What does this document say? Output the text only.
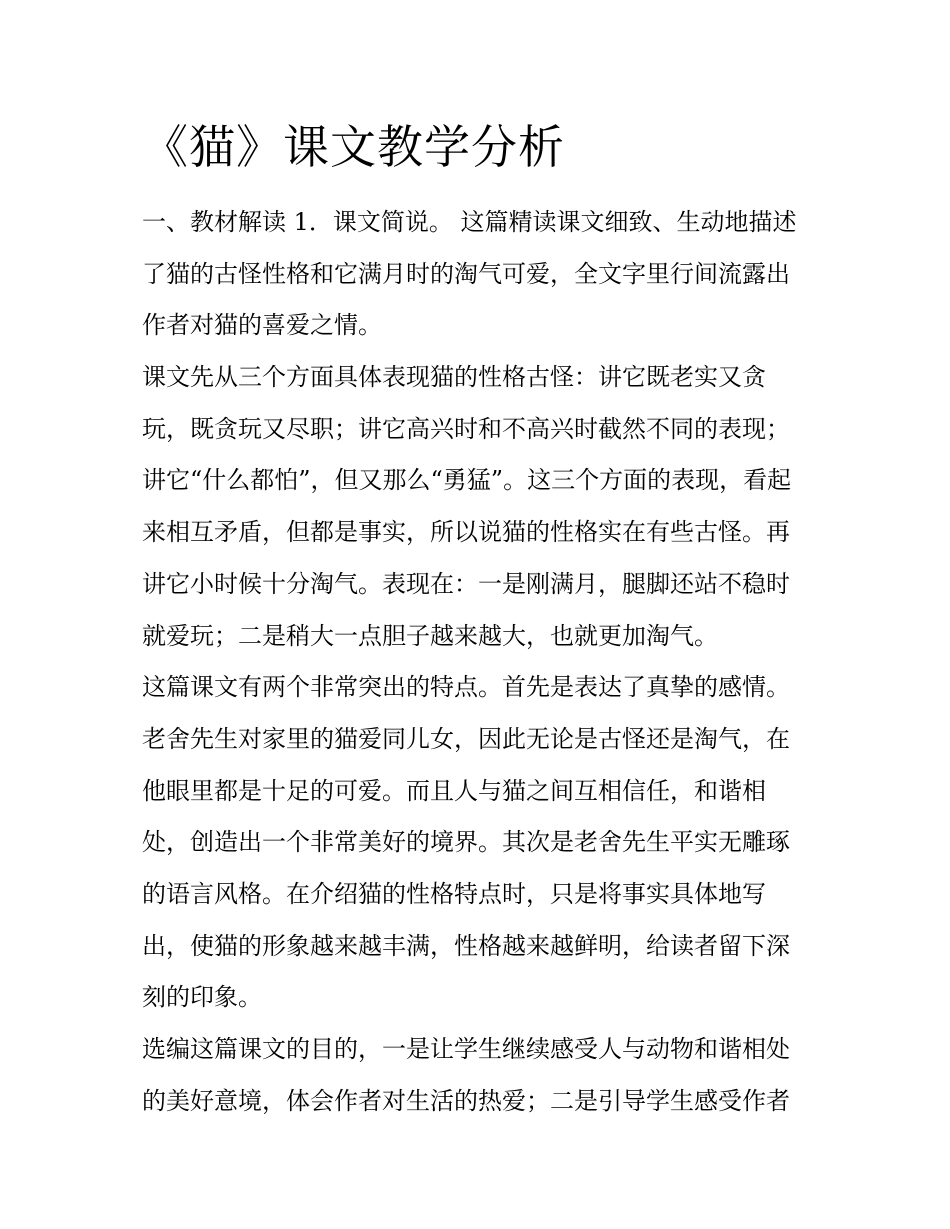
《猫》课文教学分析
一、教材解读 1．课文简说。 这篇精读课文细致、生动地描述
了猫的古怪性格和它满月时的淘气可爱，全文字里行间流露出
作者对猫的喜爱之情。
课文先从三个方面具体表现猫的性格古怪：讲它既老实又贪
玩，既贪玩又尽职；讲它高兴时和不高兴时截然不同的表现；
讲它“什么都怕”，但又那么“勇猛”。这三个方面的表现，看起
来相互矛盾，但都是事实，所以说猫的性格实在有些古怪。再
讲它小时候十分淘气。表现在：一是刚满月，腿脚还站不稳时
就爱玩；二是稍大一点胆子越来越大，也就更加淘气。
这篇课文有两个非常突出的特点。首先是表达了真挚的感情。
老舍先生对家里的猫爱同儿女，因此无论是古怪还是淘气，在
他眼里都是十足的可爱。而且人与猫之间互相信任，和谐相
处，创造出一个非常美好的境界。其次是老舍先生平实无雕琢
的语言风格。在介绍猫的性格特点时，只是将事实具体地写
出，使猫的形象越来越丰满，性格越来越鲜明，给读者留下深
刻的印象。
选编这篇课文的目的，一是让学生继续感受人与动物和谐相处
的美好意境，体会作者对生活的热爱；二是引导学生感受作者
